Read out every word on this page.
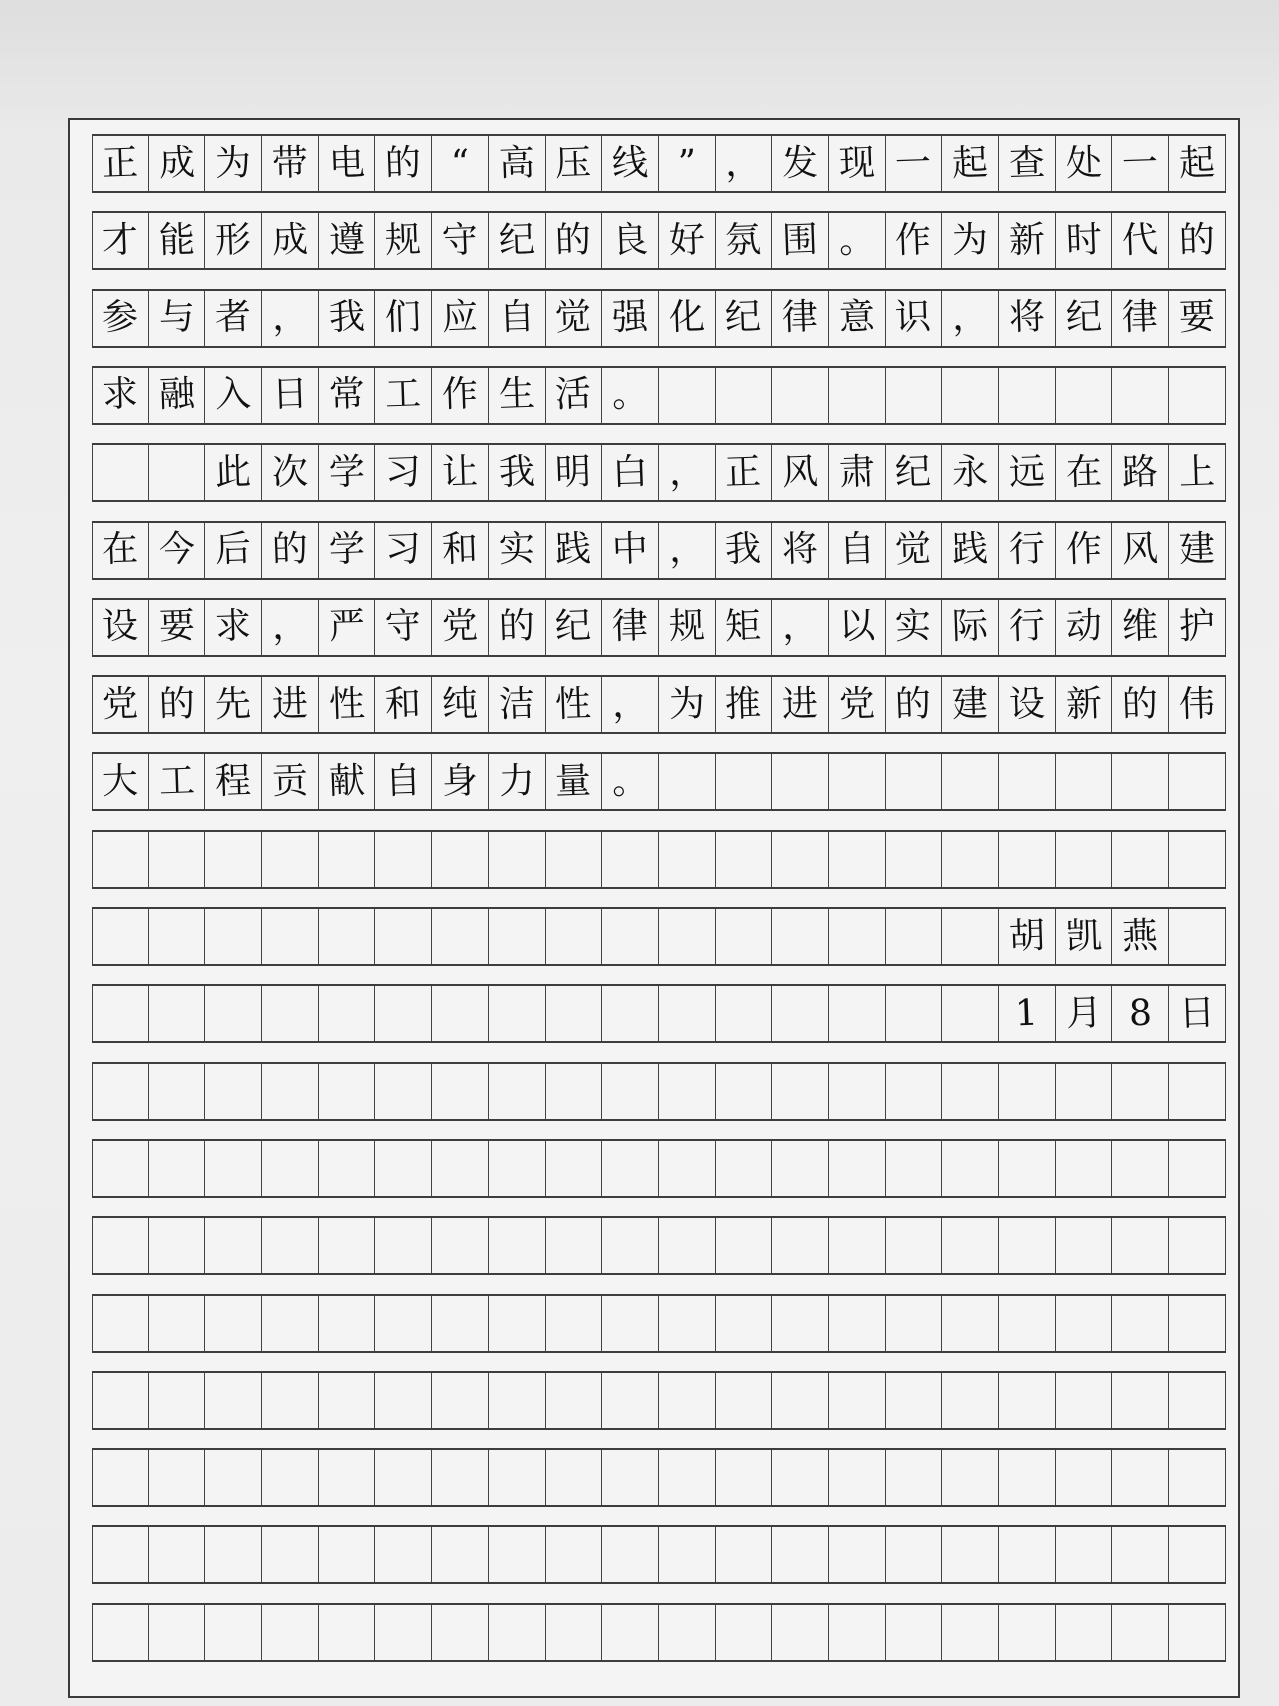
正 成 为 带 电 的 “ 高 压 线 ” ， 发 现 一 起 查 处 一 起
才 能 形 成 遵 规 守 纪 的 良 好 氛 围 。 作 为 新 时 代 的
参 与 者 ， 我 们 应 自 觉 强 化 纪 律 意 识 ， 将 纪 律 要
求 融 入 日 常 工 作 生 活 。
此 次 学 习 让 我 明 白 ， 正 风 肃 纪 永 远 在 路 上
在 今 后 的 学 习 和 实 践 中 ， 我 将 自 觉 践 行 作 风 建
设 要 求 ， 严 守 党 的 纪 律 规 矩 ， 以 实 际 行 动 维 护
党 的 先 进 性 和 纯 洁 性 ， 为 推 进 党 的 建 设 新 的 伟
大 工 程 贡 献 自 身 力 量 。
胡 凯 燕
1 月 8 日
